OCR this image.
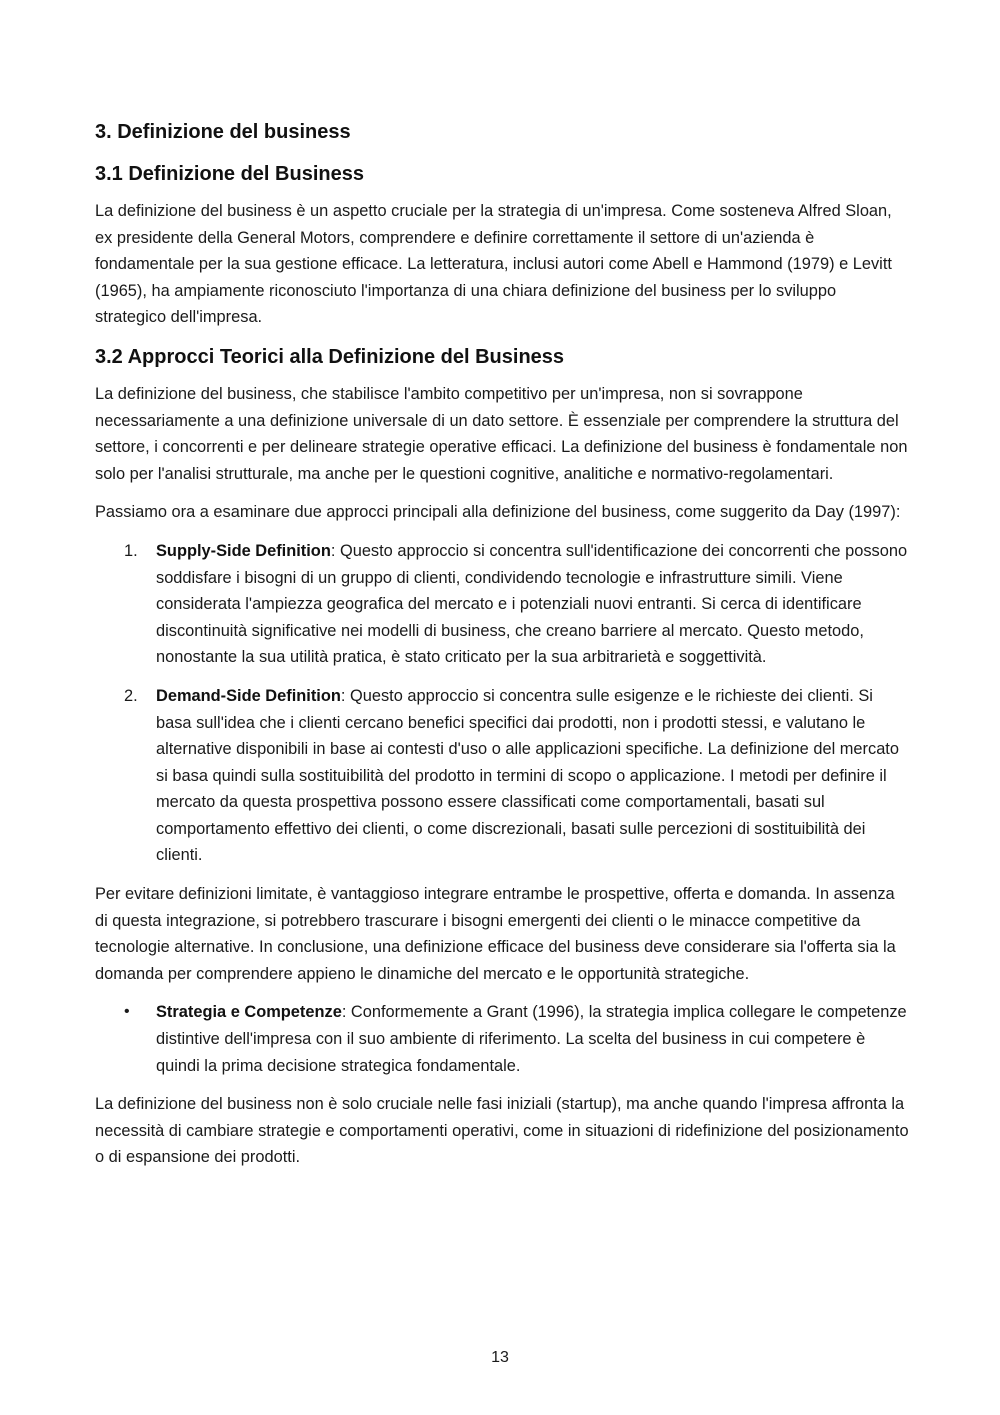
3. Definizione del business
3.1 Definizione del Business

La definizione del business è un aspetto cruciale per la strategia di un'impresa. Come sosteneva Alfred Sloan, ex presidente della General Motors, comprendere e definire correttamente il settore di un'azienda è fondamentale per la sua gestione efficace. La letteratura, inclusi autori come Abell e Hammond (1979) e Levitt (1965), ha ampiamente riconosciuto l'importanza di una chiara definizione del business per lo sviluppo strategico dell'impresa.

3.2 Approcci Teorici alla Definizione del Business

La definizione del business, che stabilisce l'ambito competitivo per un'impresa, non si sovrappone necessariamente a una definizione universale di un dato settore. È essenziale per comprendere la struttura del settore, i concorrenti e per delineare strategie operative efficaci. La definizione del business è fondamentale non solo per l'analisi strutturale, ma anche per le questioni cognitive, analitiche e normativo-regolamentari.

Passiamo ora a esaminare due approcci principali alla definizione del business, come suggerito da Day (1997):

1. Supply-Side Definition: Questo approccio si concentra sull'identificazione dei concorrenti che possono soddisfare i bisogni di un gruppo di clienti, condividendo tecnologie e infrastrutture simili. Viene considerata l'ampiezza geografica del mercato e i potenziali nuovi entranti. Si cerca di identificare discontinuità significative nei modelli di business, che creano barriere al mercato. Questo metodo, nonostante la sua utilità pratica, è stato criticato per la sua arbitrarietà e soggettività.
2. Demand-Side Definition: Questo approccio si concentra sulle esigenze e le richieste dei clienti. Si basa sull'idea che i clienti cercano benefici specifici dai prodotti, non i prodotti stessi, e valutano le alternative disponibili in base ai contesti d'uso o alle applicazioni specifiche. La definizione del mercato si basa quindi sulla sostituibilità del prodotto in termini di scopo o applicazione. I metodi per definire il mercato da questa prospettiva possono essere classificati come comportamentali, basati sul comportamento effettivo dei clienti, o come discrezionali, basati sulle percezioni di sostituibilità dei clienti.

Per evitare definizioni limitate, è vantaggioso integrare entrambe le prospettive, offerta e domanda. In assenza di questa integrazione, si potrebbero trascurare i bisogni emergenti dei clienti o le minacce competitive da tecnologie alternative. In conclusione, una definizione efficace del business deve considerare sia l'offerta sia la domanda per comprendere appieno le dinamiche del mercato e le opportunità strategiche.

• Strategia e Competenze: Conformemente a Grant (1996), la strategia implica collegare le competenze distintive dell'impresa con il suo ambiente di riferimento. La scelta del business in cui competere è quindi la prima decisione strategica fondamentale.

La definizione del business non è solo cruciale nelle fasi iniziali (startup), ma anche quando l'impresa affronta la necessità di cambiare strategie e comportamenti operativi, come in situazioni di ridefinizione del posizionamento o di espansione dei prodotti.

13
